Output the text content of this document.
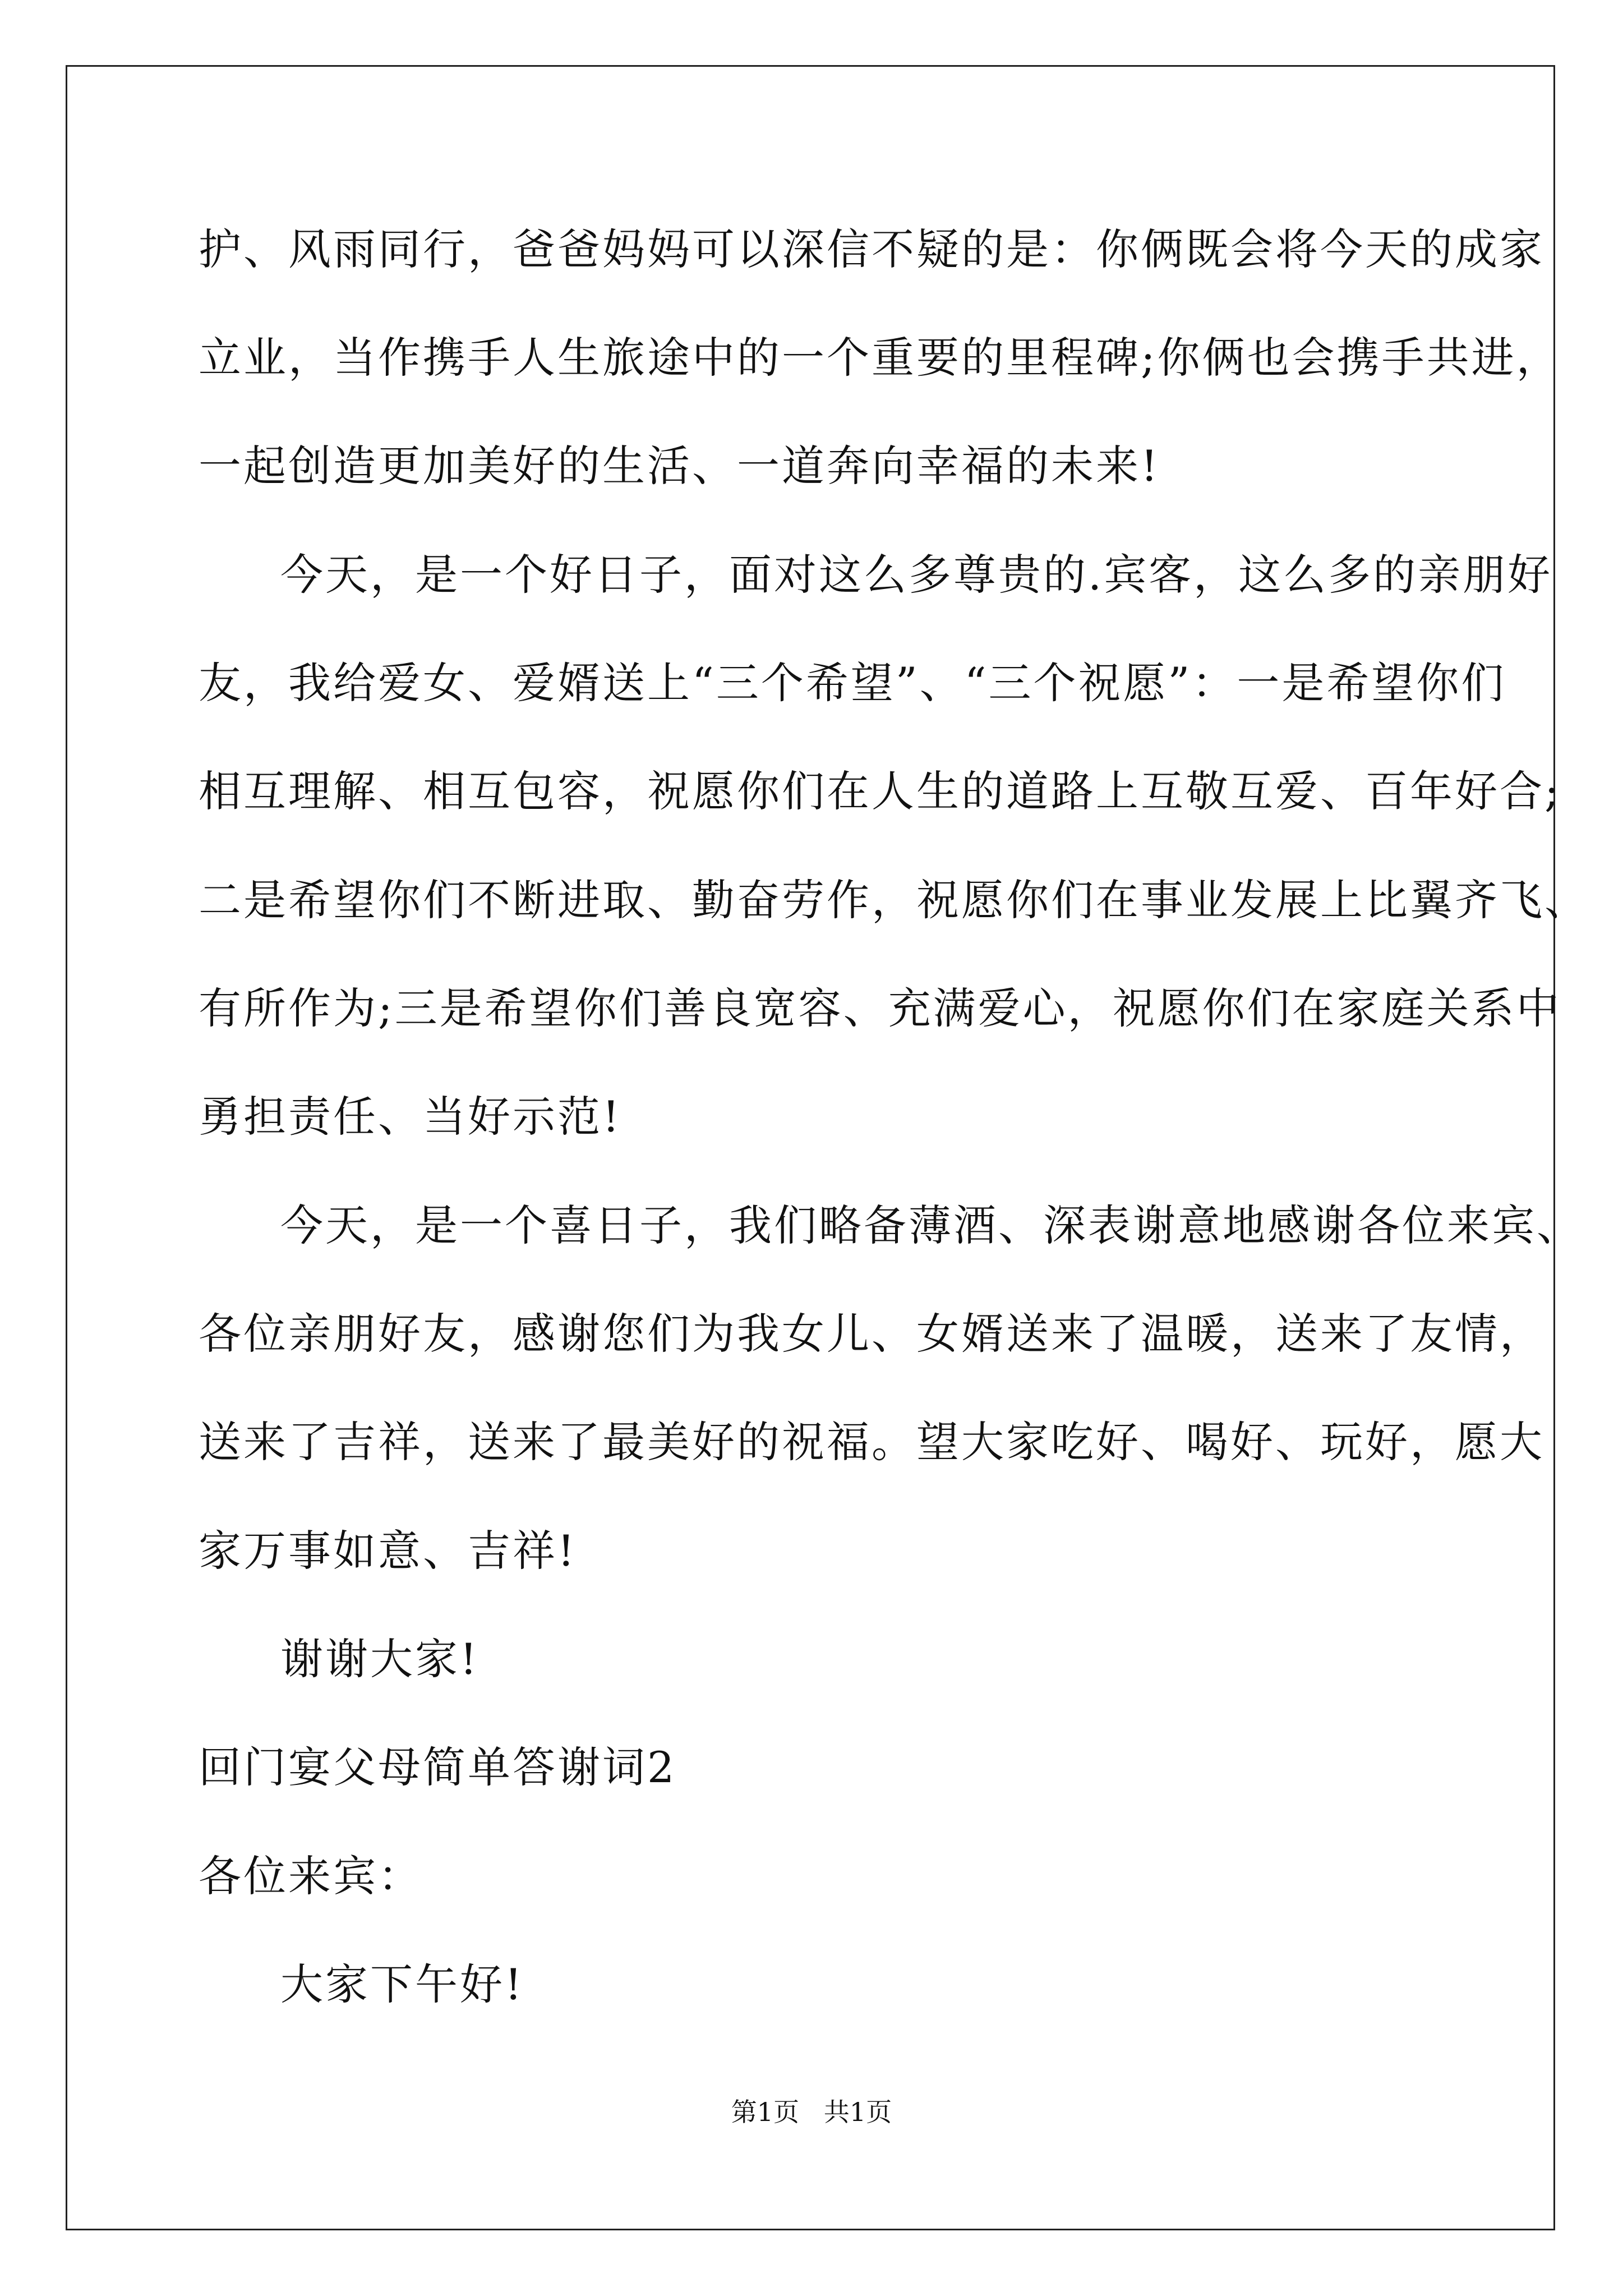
护、风雨同行，爸爸妈妈可以深信不疑的是：你俩既会将今天的成家
立业，当作携手人生旅途中的一个重要的里程碑;你俩也会携手共进，
一起创造更加美好的生活、一道奔向幸福的未来!
今天，是一个好日子，面对这么多尊贵的.宾客，这么多的亲朋好
友，我给爱女、爱婿送上“三个希望”、“三个祝愿”：一是希望你们
相互理解、相互包容，祝愿你们在人生的道路上互敬互爱、百年好合;
二是希望你们不断进取、勤奋劳作，祝愿你们在事业发展上比翼齐飞、
有所作为;三是希望你们善良宽容、充满爱心，祝愿你们在家庭关系中
勇担责任、当好示范!
今天，是一个喜日子，我们略备薄酒、深表谢意地感谢各位来宾、
各位亲朋好友，感谢您们为我女儿、女婿送来了温暖，送来了友情，
送来了吉祥，送来了最美好的祝福。望大家吃好、喝好、玩好，愿大
家万事如意、吉祥!
谢谢大家!
回门宴父母简单答谢词2
各位来宾：
大家下午好!
第1页   共1页
